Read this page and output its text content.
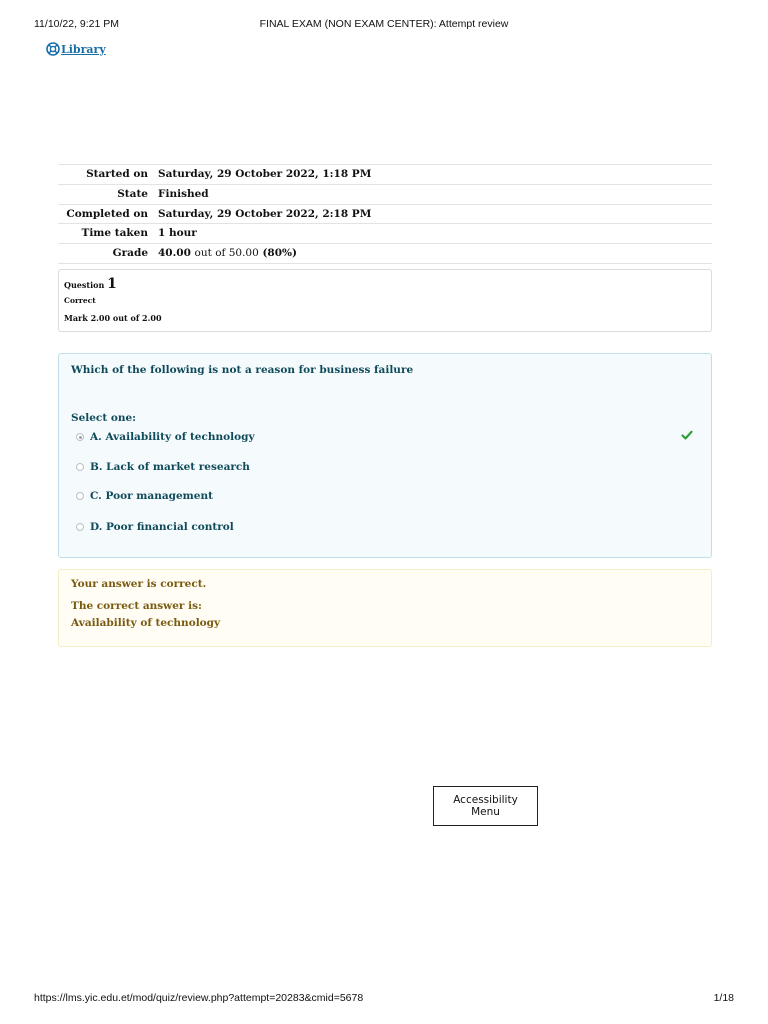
11/10/22, 9:21 PM	FINAL EXAM (NON EXAM CENTER): Attempt review
Library
Started on Saturday, 29 October 2022, 1:18 PM
State Finished
Completed on Saturday, 29 October 2022, 2:18 PM
Time taken 1 hour
Grade 40.00 out of 50.00 (80%)
Question 1
Correct
Mark 2.00 out of 2.00
Which of the following is not a reason for business failure
Select one:
A. Availability of technology
B. Lack of market research
C. Poor management
D. Poor financial control
Your answer is correct.
The correct answer is:
Availability of technology
Accessibility
Menu
https://lms.yic.edu.et/mod/quiz/review.php?attempt=20283&cmid=5678	1/18
